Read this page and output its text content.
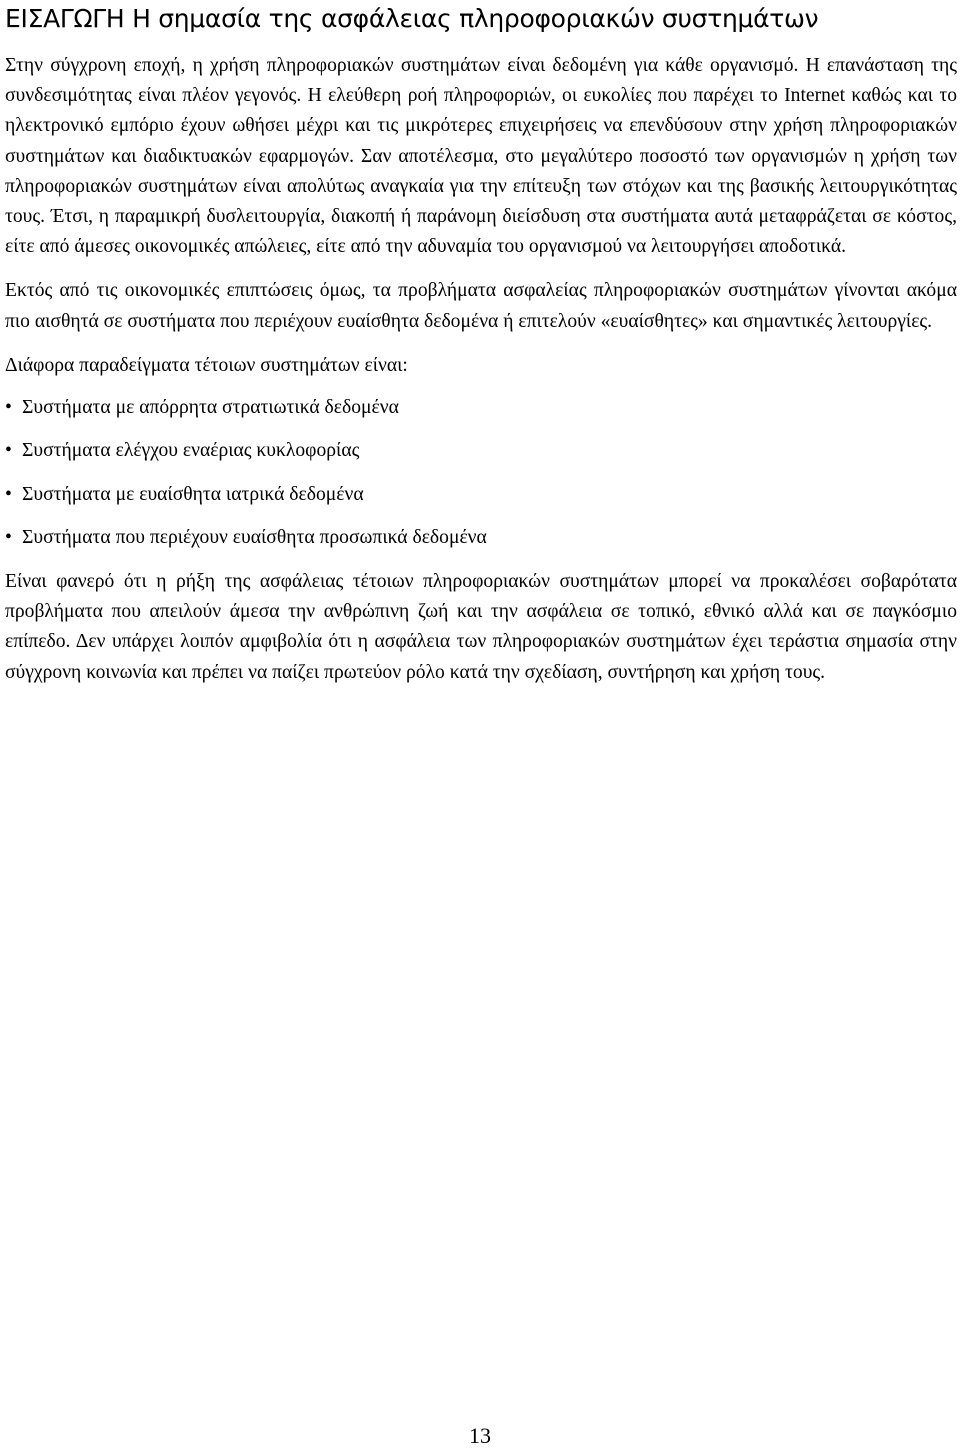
ΕΙΣΑΓΩΓΗ Η σημασία της ασφάλειας πληροφοριακών συστημάτων

Στην σύγχρονη εποχή, η χρήση πληροφοριακών συστημάτων είναι δεδομένη για κάθε οργανισμό. Η επανάσταση της συνδεσιμότητας είναι πλέον γεγονός. Η ελεύθερη ροή πληροφοριών, οι ευκολίες που παρέχει το Internet καθώς και το ηλεκτρονικό εμπόριο έχουν ωθήσει μέχρι και τις μικρότερες επιχειρήσεις να επενδύσουν στην χρήση πληροφοριακών συστημάτων και διαδικτυακών εφαρμογών. Σαν αποτέλεσμα, στο μεγαλύτερο ποσοστό των οργανισμών η χρήση των πληροφοριακών συστημάτων είναι απολύτως αναγκαία για την επίτευξη των στόχων και της βασικής λειτουργικότητας τους. Έτσι, η παραμικρή δυσλειτουργία, διακοπή ή παράνομη διείσδυση στα συστήματα αυτά μεταφράζεται σε κόστος, είτε από άμεσες οικονομικές απώλειες, είτε από την αδυναμία του οργανισμού να λειτουργήσει αποδοτικά.

Εκτός από τις οικονομικές επιπτώσεις όμως, τα προβλήματα ασφαλείας πληροφοριακών συστημάτων γίνονται ακόμα πιο αισθητά σε συστήματα που περιέχουν ευαίσθητα δεδομένα ή επιτελούν «ευαίσθητες» και σημαντικές λειτουργίες.

Διάφορα παραδείγματα τέτοιων συστημάτων είναι:

• Συστήματα με απόρρητα στρατιωτικά δεδομένα
• Συστήματα ελέγχου εναέριας κυκλοφορίας
• Συστήματα με ευαίσθητα ιατρικά δεδομένα
• Συστήματα που περιέχουν ευαίσθητα προσωπικά δεδομένα

Είναι φανερό ότι η ρήξη της ασφάλειας τέτοιων πληροφοριακών συστημάτων μπορεί να προκαλέσει σοβαρότατα προβλήματα που απειλούν άμεσα την ανθρώπινη ζωή και την ασφάλεια σε τοπικό, εθνικό αλλά και σε παγκόσμιο επίπεδο. Δεν υπάρχει λοιπόν αμφιβολία ότι η ασφάλεια των πληροφοριακών συστημάτων έχει τεράστια σημασία στην σύγχρονη κοινωνία και πρέπει να παίζει πρωτεύον ρόλο κατά την σχεδίαση, συντήρηση και χρήση τους.

13
